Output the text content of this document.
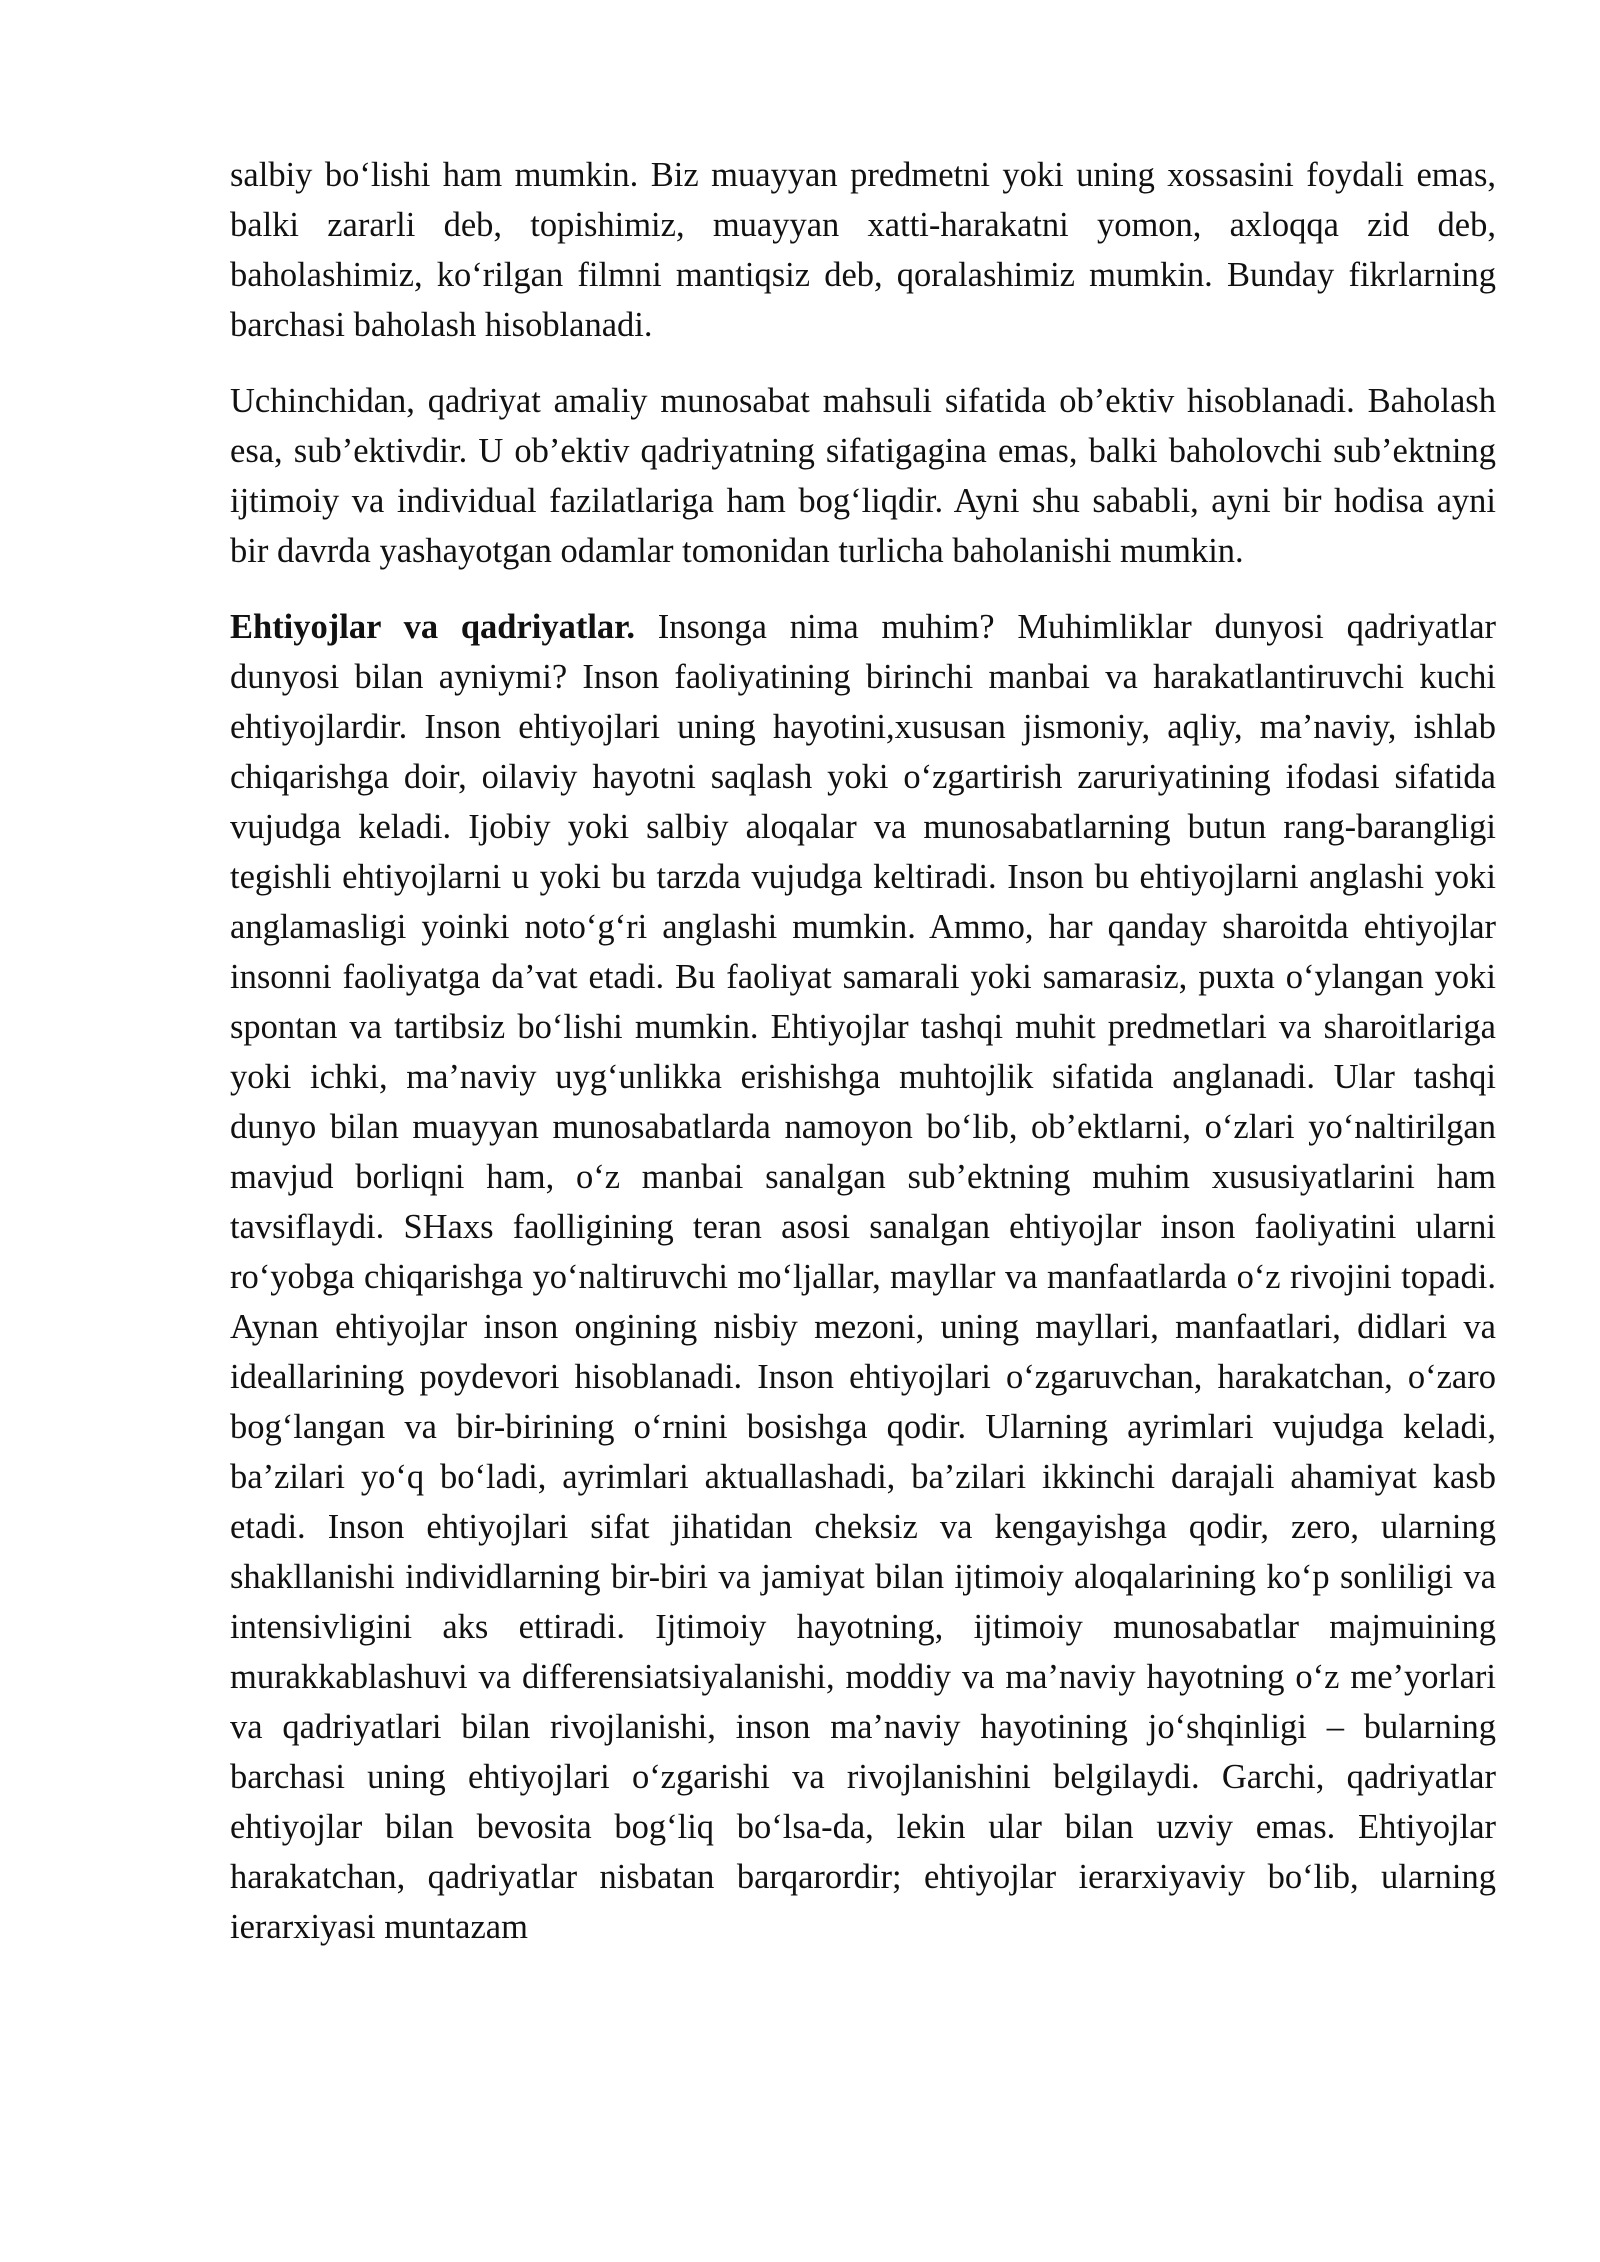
salbiy bo‘lishi ham mumkin. Biz muayyan predmetni yoki uning xossasini foydali emas, balki zararli deb, topishimiz, muayyan xatti-harakatni yomon, axloqqa zid deb, baholashimiz, ko‘rilgan filmni mantiqsiz deb, qoralashimiz mumkin. Bunday fikrlarning barchasi baholash hisoblanadi.

Uchinchidan, qadriyat amaliy munosabat mahsuli sifatida ob’ektiv hisoblanadi. Baholash esa, sub’ektivdir. U ob’ektiv qadriyatning sifatigagina emas, balki baholovchi sub’ektning ijtimoiy va individual fazilatlariga ham bog‘liqdir. Ayni shu sababli, ayni bir hodisa ayni bir davrda yashayotgan odamlar tomonidan turlicha baholanishi mumkin.

Ehtiyojlar va qadriyatlar. Insonga nima muhim? Muhimliklar dunyosi qadriyatlar dunyosi bilan ayniymi? Inson faoliyatining birinchi manbai va harakatlantiruvchi kuchi ehtiyojlardir. Inson ehtiyojlari uning hayotini,xususan jismoniy, aqliy, ma’naviy, ishlab chiqarishga doir, oilaviy hayotni saqlash yoki o‘zgartirish zaruriyatining ifodasi sifatida vujudga keladi. Ijobiy yoki salbiy aloqalar va munosabatlarning butun rang-barangligi tegishli ehtiyojlarni u yoki bu tarzda vujudga keltiradi. Inson bu ehtiyojlarni anglashi yoki anglamasligi yoinki noto‘g‘ri anglashi mumkin. Ammo, har qanday sharoitda ehtiyojlar insonni faoliyatga da’vat etadi. Bu faoliyat samarali yoki samarasiz, puxta o‘ylangan yoki spontan va tartibsiz bo‘lishi mumkin. Ehtiyojlar tashqi muhit predmetlari va sharoitlariga yoki ichki, ma’naviy uyg‘unlikka erishishga muhtojlik sifatida anglanadi. Ular tashqi dunyo bilan muayyan munosabatlarda namoyon bo‘lib, ob’ektlarni, o‘zlari yo‘naltirilgan mavjud borliqni ham, o‘z manbai sanalgan sub’ektning muhim xususiyatlarini ham tavsiflaydi. SHaxs faolligining teran asosi sanalgan ehtiyojlar inson faoliyatini ularni ro‘yobga chiqarishga yo‘naltiruvchi mo‘ljallar, mayllar va manfaatlarda o‘z rivojini topadi. Aynan ehtiyojlar inson ongining nisbiy mezoni, uning mayllari, manfaatlari, didlari va ideallarining poydevori hisoblanadi. Inson ehtiyojlari o‘zgaruvchan, harakatchan, o‘zaro bog‘langan va bir-birining o‘rnini bosishga qodir. Ularning ayrimlari vujudga keladi, ba’zilari yo‘q bo‘ladi, ayrimlari aktuallashadi, ba’zilari ikkinchi darajali ahamiyat kasb etadi. Inson ehtiyojlari sifat jihatidan cheksiz va kengayishga qodir, zero, ularning shakllanishi individlarning bir-biri va jamiyat bilan ijtimoiy aloqalarining ko‘p sonliligi va intensivligini aks ettiradi. Ijtimoiy hayotning, ijtimoiy munosabatlar majmuining murakkablashuvi va differensiatsiyalanishi, moddiy va ma’naviy hayotning o‘z me’yorlari va qadriyatlari bilan rivojlanishi, inson ma’naviy hayotining jo‘shqinligi – bularning barchasi uning ehtiyojlari o‘zgarishi va rivojlanishini belgilaydi. Garchi, qadriyatlar ehtiyojlar bilan bevosita bog‘liq bo‘lsa-da, lekin ular bilan uzviy emas. Ehtiyojlar harakatchan, qadriyatlar nisbatan barqarordir; ehtiyojlar ierarxiyaviy bo‘lib, ularning ierarxiyasi muntazam
